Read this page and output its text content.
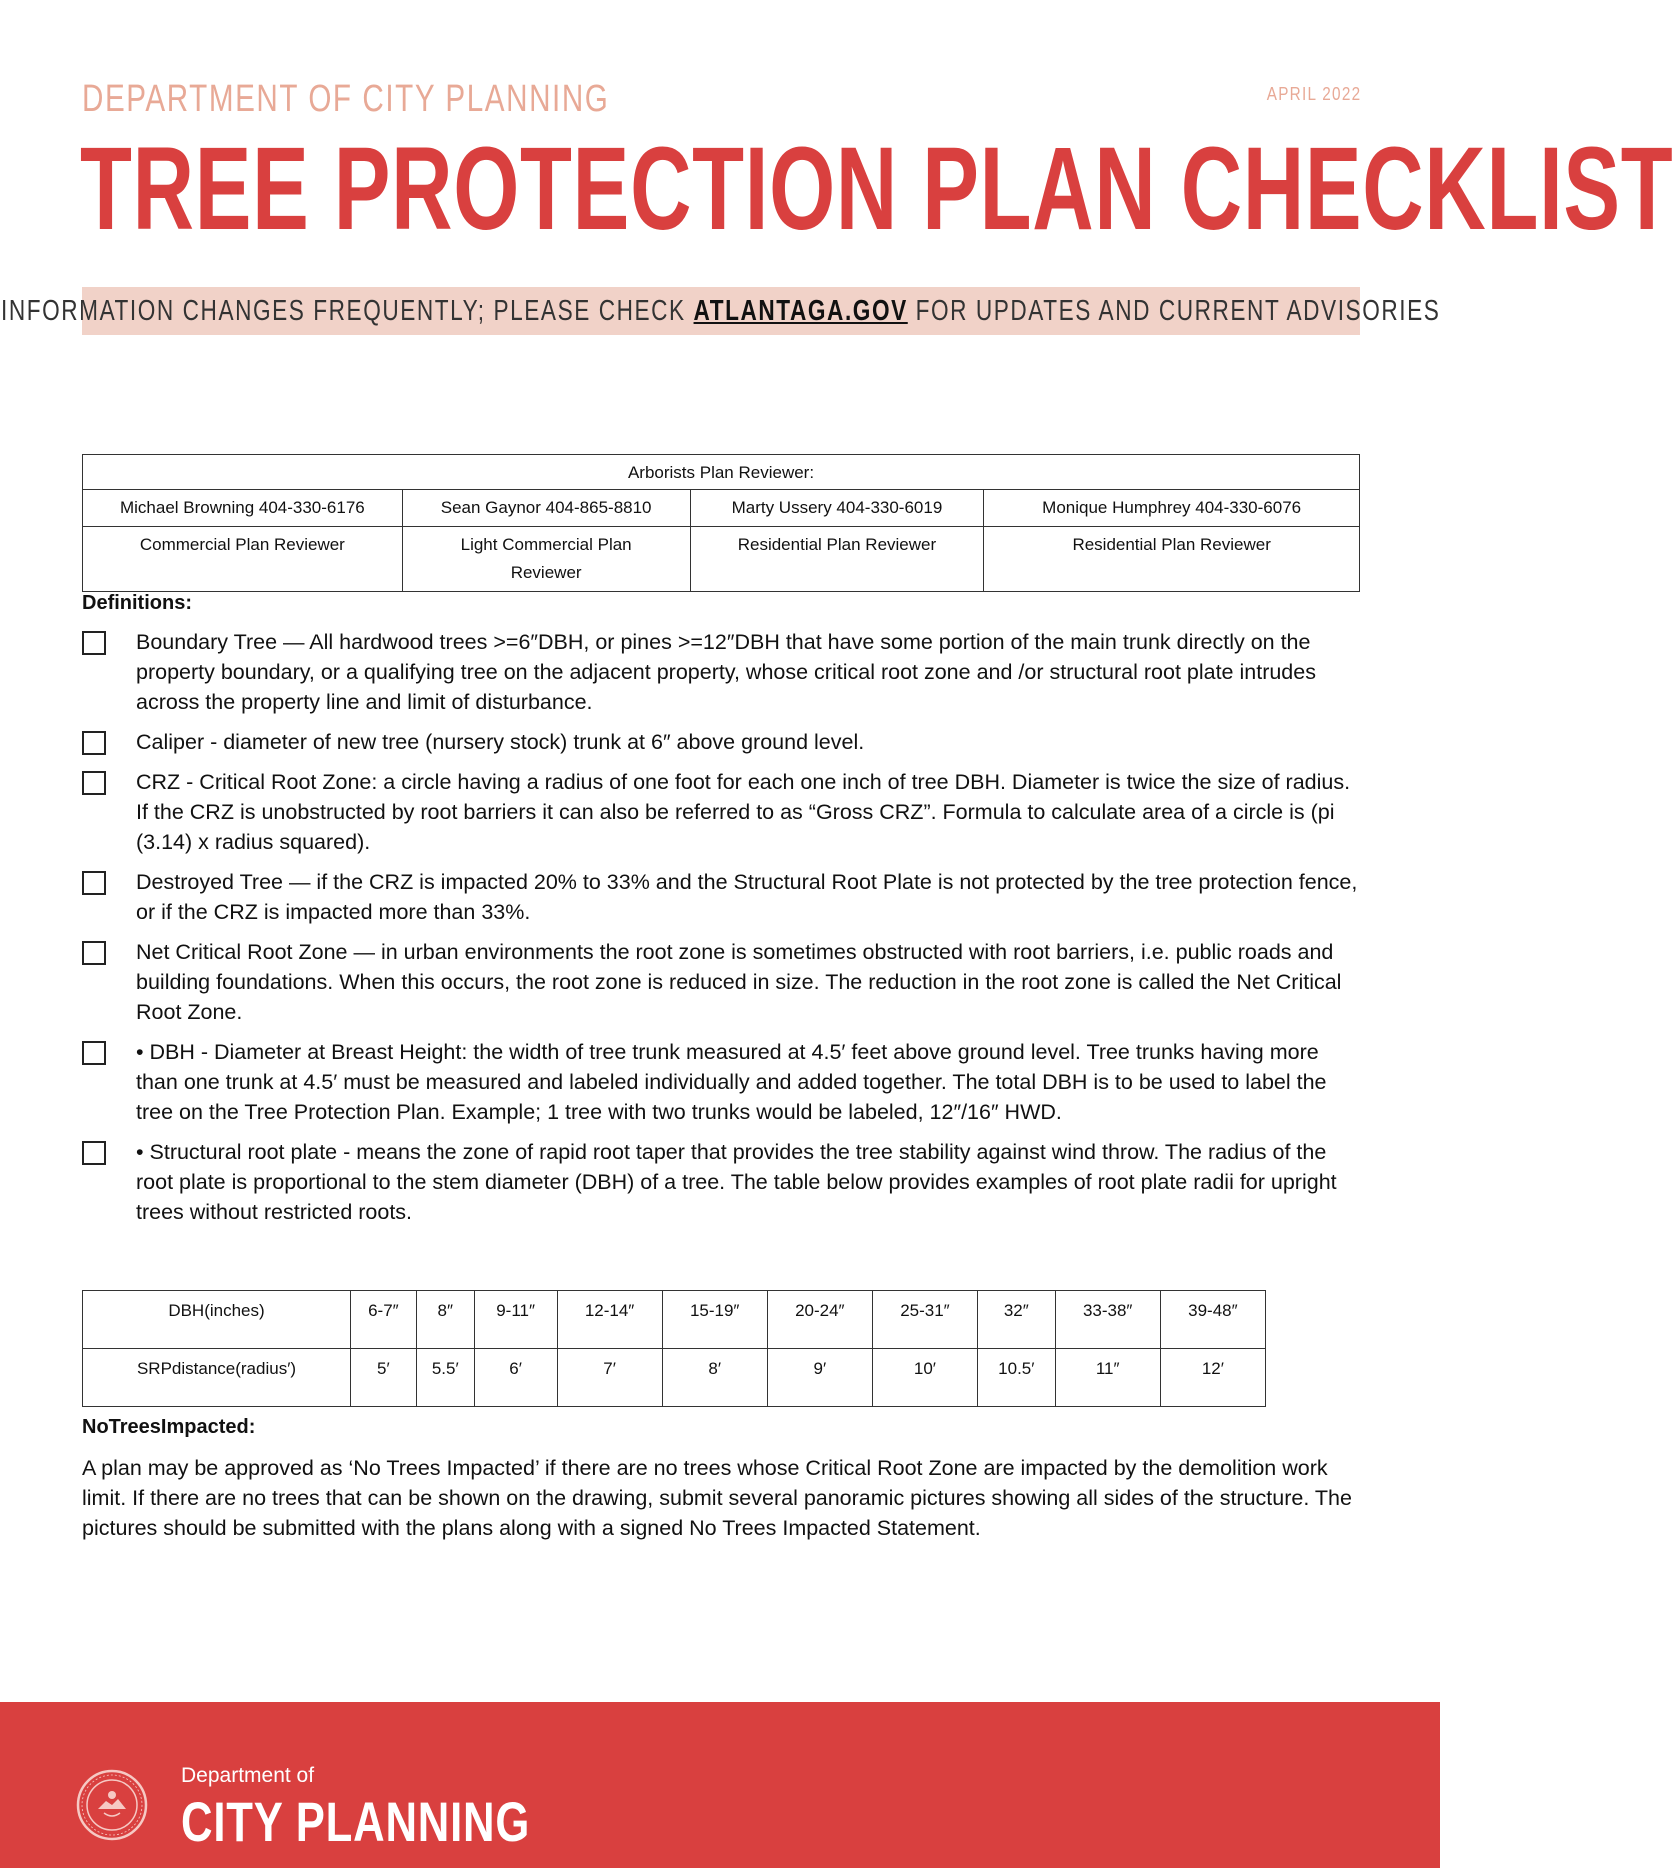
DEPARTMENT OF CITY PLANNING	APRIL 2022
TREE PROTECTION PLAN CHECKLIST
INFORMATION CHANGES FREQUENTLY; PLEASE CHECK ATLANTAGA.GOV FOR UPDATES AND CURRENT ADVISORIES
Arborists Plan Reviewer:			
Michael Browning 404-330-6176	Sean Gaynor 404-865-8810	Marty Ussery 404-330-6019	Monique Humphrey 404-330-6076
Commercial Plan Reviewer	Light Commercial Plan Reviewer	Residential Plan Reviewer	Residential Plan Reviewer
Definitions:
Boundary Tree — All hardwood trees >=6″DBH, or pines >=12″DBH that have some portion of the main trunk directly on the property boundary, or a qualifying tree on the adjacent property, whose critical root zone and /or structural root plate intrudes across the property line and limit of disturbance.
Caliper - diameter of new tree (nursery stock) trunk at 6″ above ground level.
CRZ - Critical Root Zone: a circle having a radius of one foot for each one inch of tree DBH. Diameter is twice the size of radius. If the CRZ is unobstructed by root barriers it can also be referred to as “Gross CRZ”. Formula to calculate area of a circle is (pi (3.14) x radius squared).
Destroyed Tree — if the CRZ is impacted 20% to 33% and the Structural Root Plate is not protected by the tree protection fence, or if the CRZ is impacted more than 33%.
Net Critical Root Zone — in urban environments the root zone is sometimes obstructed with root barriers, i.e. public roads and building foundations. When this occurs, the root zone is reduced in size. The reduction in the root zone is called the Net Critical Root Zone.
• DBH - Diameter at Breast Height: the width of tree trunk measured at 4.5′ feet above ground level. Tree trunks having more than one trunk at 4.5′ must be measured and labeled individually and added together. The total DBH is to be used to label the tree on the Tree Protection Plan. Example; 1 tree with two trunks would be labeled, 12″/16″ HWD.
• Structural root plate - means the zone of rapid root taper that provides the tree stability against wind throw. The radius of the root plate is proportional to the stem diameter (DBH) of a tree. The table below provides examples of root plate radii for upright trees without restricted roots.
DBH(inches)	6-7″	8″	9-11″	12-14″	15-19″	20-24″	25-31″	32″	33-38″	39-48″
SRPdistance(radius′)	5′	5.5′	6′	7′	8′	9′	10′	10.5′	11″	12′
NoTreesImpacted:
A plan may be approved as ‘No Trees Impacted’ if there are no trees whose Critical Root Zone are impacted by the demolition work limit. If there are no trees that can be shown on the drawing, submit several panoramic pictures showing all sides of the structure. The pictures should be submitted with the plans along with a signed No Trees Impacted Statement.
Department of
CITY PLANNING
